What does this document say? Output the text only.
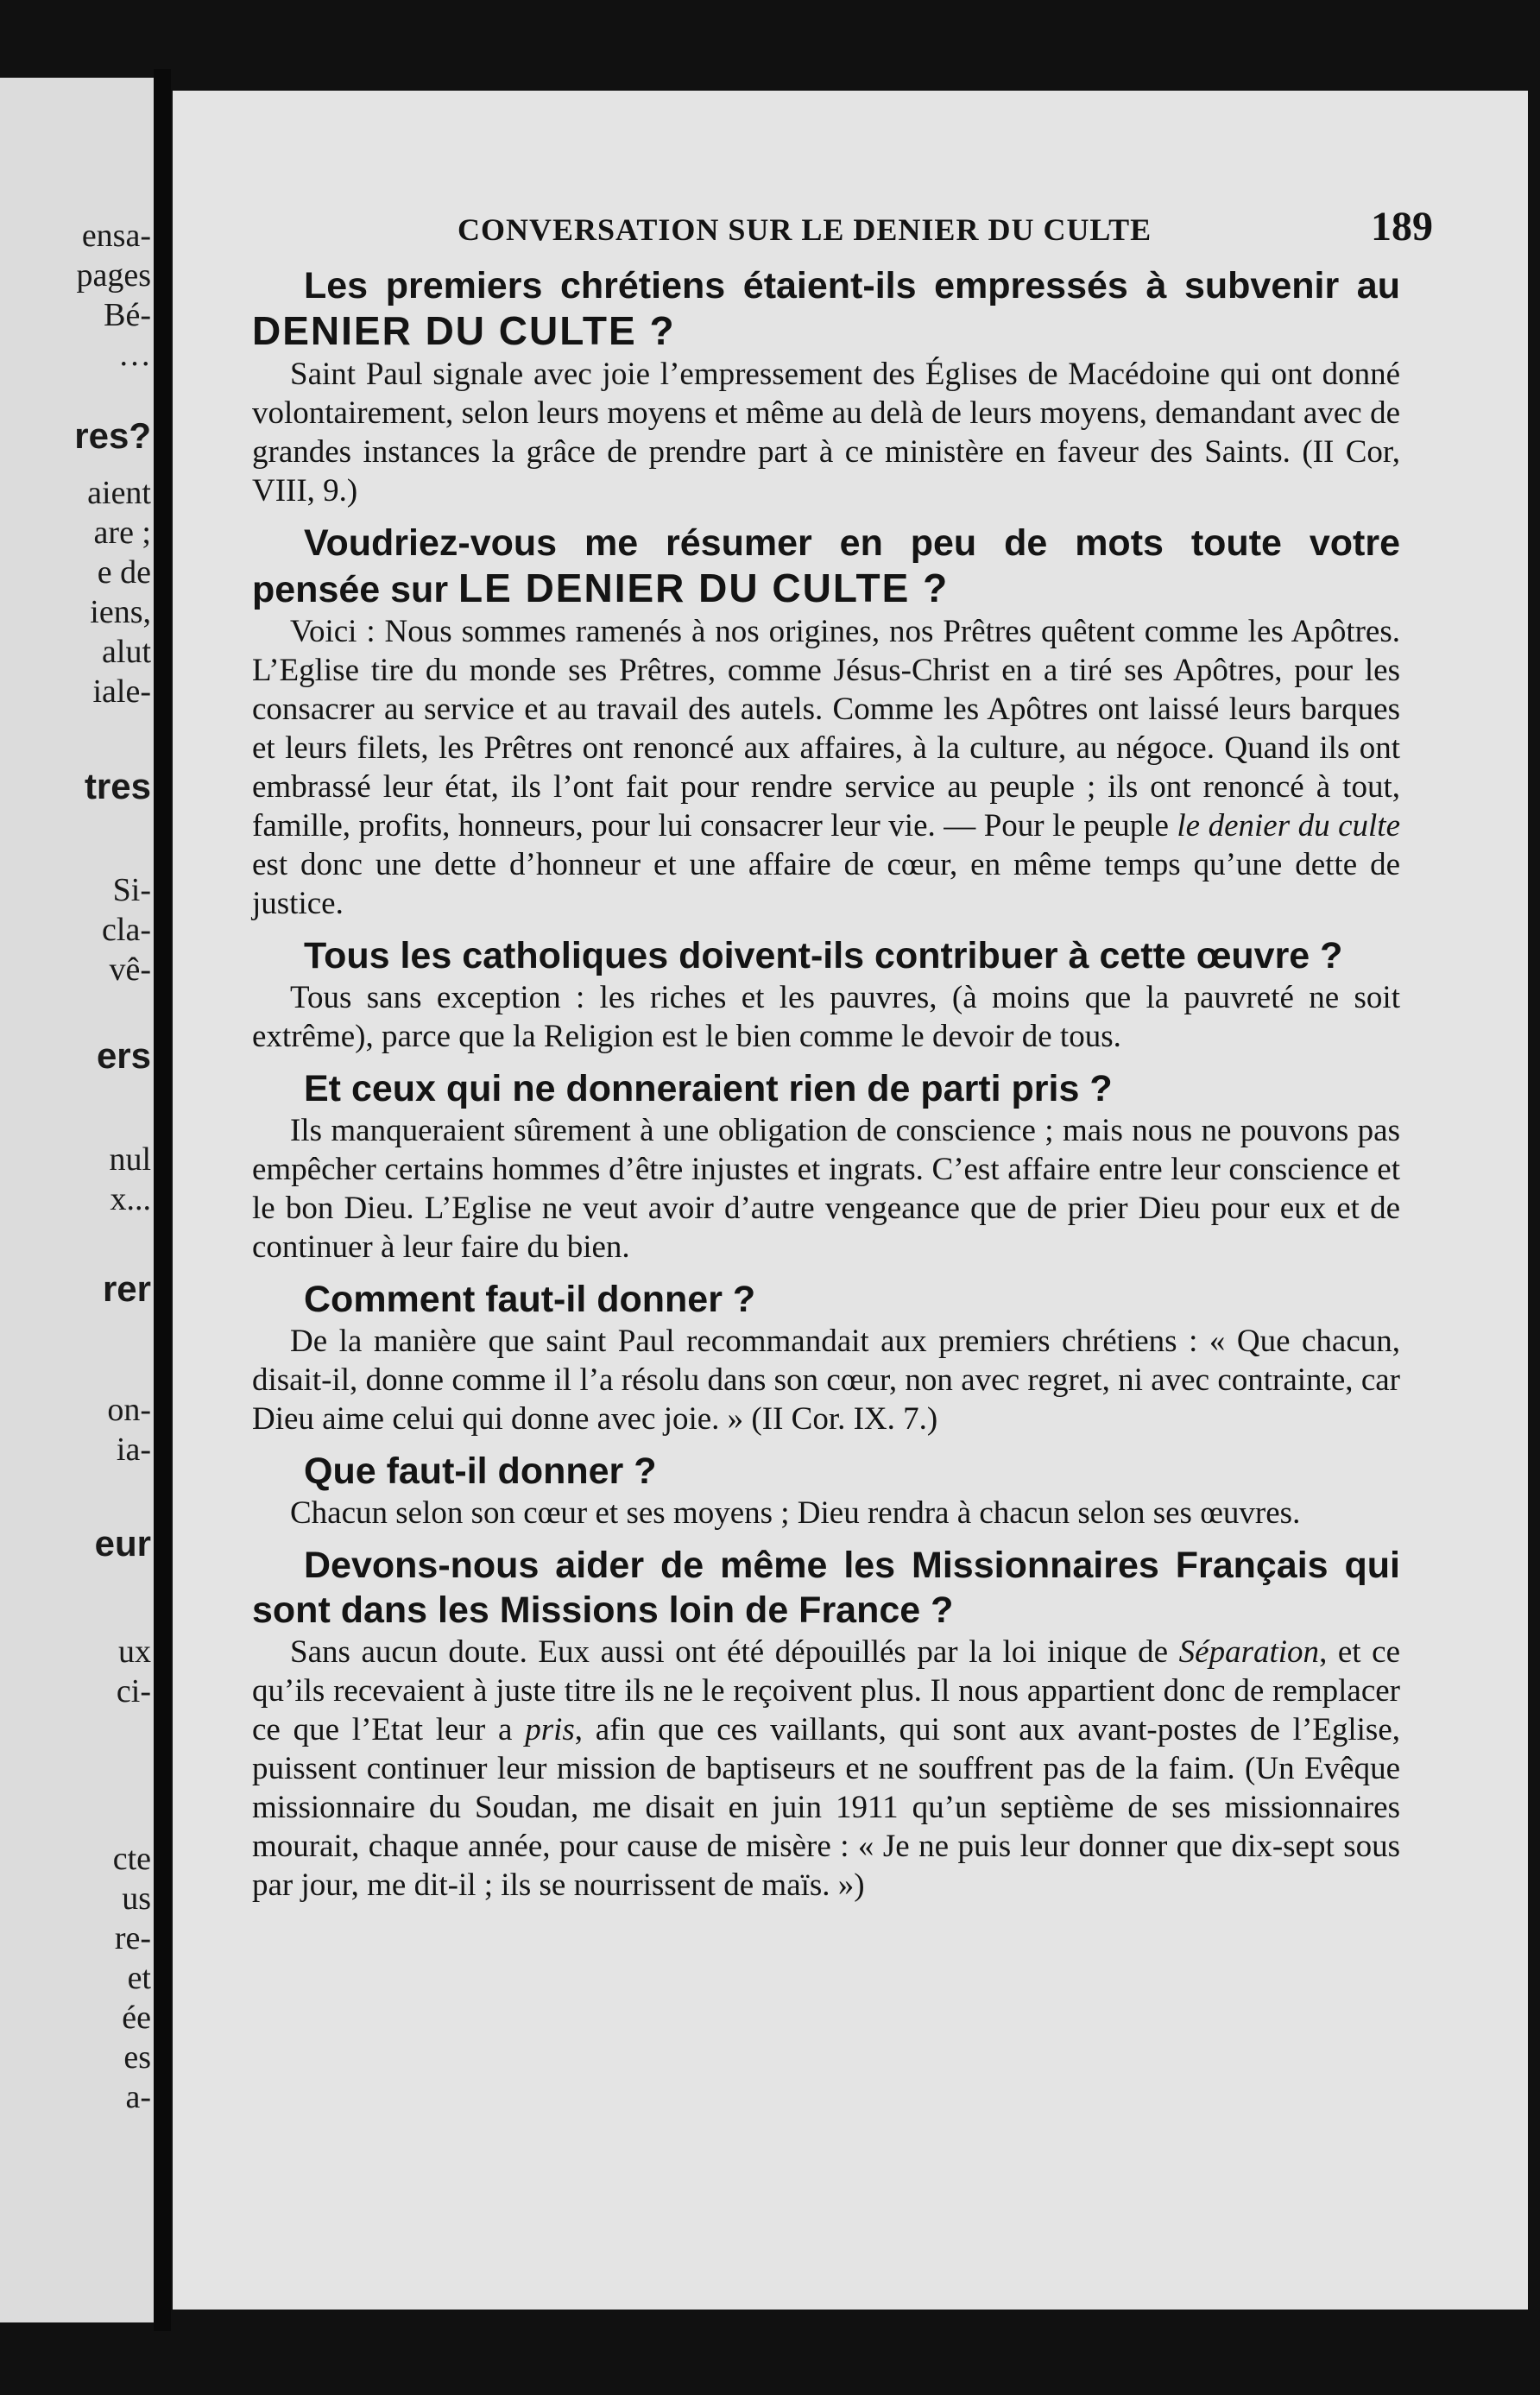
ensa-
pages
Bé-
…
res?
aient
are ;
e de
iens,
alut
iale-
tres
Si-
cla-
vê-
ers
nul
x...
rer
on-
ia-
eur
ux
ci-
cte
us
re-
et
ée
es
a-
CONVERSATION SUR LE DENIER DU CULTE	189

Les premiers chrétiens étaient-ils empressés à subvenir au DENIER DU CULTE ?

Saint Paul signale avec joie l’empressement des Églises de Macédoine qui ont donné volontairement, selon leurs moyens et même au delà de leurs moyens, demandant avec de grandes instances la grâce de prendre part à ce ministère en faveur des Saints. (II Cor, VIII, 9.)

Voudriez-vous me résumer en peu de mots toute votre pensée sur LE DENIER DU CULTE ?

Voici : Nous sommes ramenés à nos origines, nos Prêtres quêtent comme les Apôtres. L’Eglise tire du monde ses Prêtres, comme Jésus-Christ en a tiré ses Apôtres, pour les consacrer au service et au travail des autels. Comme les Apôtres ont laissé leurs barques et leurs filets, les Prêtres ont renoncé aux affaires, à la culture, au négoce. Quand ils ont embrassé leur état, ils l’ont fait pour rendre service au peuple ; ils ont renoncé à tout, famille, profits, honneurs, pour lui consacrer leur vie. — Pour le peuple le denier du culte est donc une dette d’honneur et une affaire de cœur, en même temps qu’une dette de justice.

Tous les catholiques doivent-ils contribuer à cette œuvre ?

Tous sans exception : les riches et les pauvres, (à moins que la pauvreté ne soit extrême), parce que la Religion est le bien comme le devoir de tous.

Et ceux qui ne donneraient rien de parti pris ?

Ils manqueraient sûrement à une obligation de conscience ; mais nous ne pouvons pas empêcher certains hommes d’être injustes et ingrats. C’est affaire entre leur conscience et le bon Dieu. L’Eglise ne veut avoir d’autre vengeance que de prier Dieu pour eux et de continuer à leur faire du bien.

Comment faut-il donner ?

De la manière que saint Paul recommandait aux premiers chrétiens : « Que chacun, disait-il, donne comme il l’a résolu dans son cœur, non avec regret, ni avec contrainte, car Dieu aime celui qui donne avec joie. » (II Cor. IX. 7.)

Que faut-il donner ?

Chacun selon son cœur et ses moyens ; Dieu rendra à chacun selon ses œuvres.

Devons-nous aider de même les Missionnaires Français qui sont dans les Missions loin de France ?

Sans aucun doute. Eux aussi ont été dépouillés par la loi inique de Séparation, et ce qu’ils recevaient à juste titre ils ne le reçoivent plus. Il nous appartient donc de remplacer ce que l’Etat leur a pris, afin que ces vaillants, qui sont aux avant-postes de l’Eglise, puissent continuer leur mission de baptiseurs et ne souffrent pas de la faim. (Un Evêque missionnaire du Soudan, me disait en juin 1911 qu’un septième de ses missionnaires mourait, chaque année, pour cause de misère : « Je ne puis leur donner que dix-sept sous par jour, me dit-il ; ils se nourrissent de maïs. »)
